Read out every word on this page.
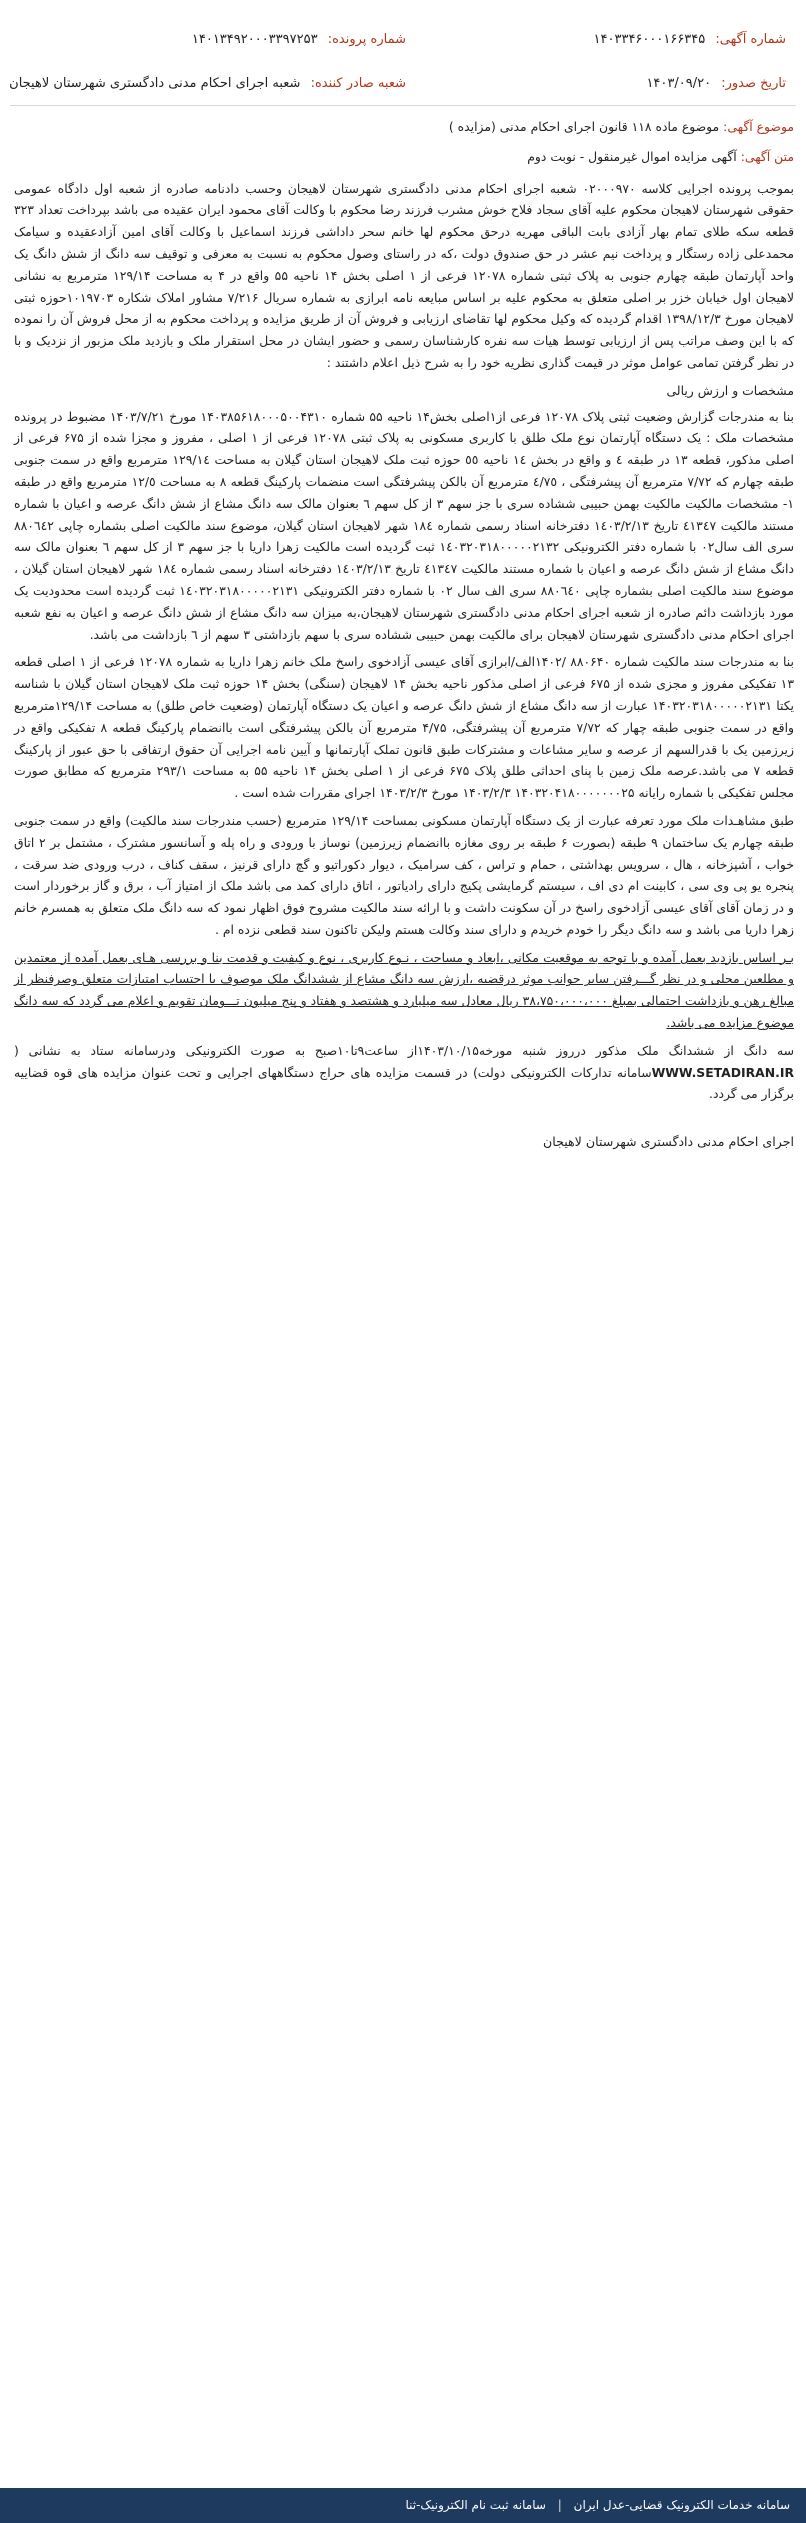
شماره آگهی: ۱۴۰۳۳۴۶۰۰۰۱۶۶۳۴۵
شماره پرونده: ۱۴۰۱۳۴۹۲۰۰۰۳۳۹۷۲۵۳
تاریخ صدور: ۱۴۰۳/۰۹/۲۰
شعبه صادر کننده: شعبه اجرای احکام مدنی دادگستری شهرستان لاهیجان
موضوع آگهی: موضوع ماده ۱۱۸ قانون اجرای احکام مدنی (مزایده )
متن آگهی: آگهی مزایده اموال غیرمنقول - نوبت دوم

بموجب پرونده اجرایی کلاسه ۰۲۰۰۰۹۷۰ شعبه اجرای احکام مدنی دادگستری شهرستان لاهیجان وحسب دادنامه صادره از شعبه اول دادگاه عمومی حقوقی شهرستان لاهیجان محکوم علیه آقای سجاد فلاح خوش مشرب فرزند رضا محکوم با وکالت آقای محمود ایران عقیده می باشد بپرداخت تعداد ۳۲۳ قطعه سکه طلای تمام بهار آزادی بابت الباقی مهریه درحق محکوم لها خانم سحر داداشی فرزند اسماعیل با وکالت آقای امین آزادعقیده و سیامک محمدعلی زاده رستگار و پرداخت نیم عشر در حق صندوق دولت ،که در راستای وصول محکوم به نسبت به معرفی و توقیف سه دانگ از شش دانگ یک واحد آپارتمان طبقه چهارم جنوبی به پلاک ثبتی شماره ۱۲۰۷۸ فرعی از ۱ اصلی بخش ۱۴ ناحیه ۵۵ واقع در ۴ به مساحت ۱۲۹/۱۴ مترمربع به نشانی لاهیجان اول خیابان خزر بر اصلی متعلق به محکوم علیه بر اساس مبایعه نامه ابرازی به شماره سریال ۷/۲۱۶ مشاور املاک شکاره ۱۰۱۹۷۰۳حوزه ثبتی لاهیجان مورخ ۱۳۹۸/۱۲/۳ اقدام گردیده که وکیل محکوم لها تقاضای ارزیابی و فروش آن از طریق مزایده و پرداخت محکوم به از محل فروش آن را نموده که با این وصف مراتب پس از ارزیابی توسط هیات سه نفره کارشناسان رسمی و حضور ایشان در محل استقرار ملک و بازدید ملک مزبور از نزدیک و با در نظر گرفتن تمامی عوامل موثر در قیمت گذاری نظریه خود را به شرح ذیل اعلام داشتند :

مشخصات و ارزش ریالی

بنا به مندرجات گزارش وضعیت ثبتی پلاک ۱۲۰۷۸ فرعی از۱اصلی بخش۱۴ ناحیه ۵۵ شماره ۱۴۰۳۸۵۶۱۸۰۰۰۵۰۰۴۳۱۰ مورخ ۱۴۰۳/۷/۲۱ مضبوط در پرونده مشخصات ملک : یک دستگاه آپارتمان نوع ملک طلق با کاربری مسکونی به پلاک ثبتی ۱۲۰۷۸ فرعی از ۱ اصلی ، مفروز و مجزا شده از ۶۷۵ فرعی از اصلی مذکور، قطعه ۱۳ در طبقه ٤ و واقع در بخش ١٤ ناحیه ٥٥ حوزه ثبت ملک لاهیجان استان گیلان به مساحت ١٢٩/١٤ مترمربع واقع در سمت جنوبی طبقه چهارم که ۷/۷۲ مترمربع آن پیشرفتگی ، ٤/٧٥ مترمربع آن بالکن پیشرفتگی است منضمات پارکینگ قطعه ٨ به مساحت ١٢/٥ مترمربع واقع در طبقه ١- مشخصات مالکیت مالکیت بهمن حبیبی ششاده سری با جز سهم ٣ از کل سهم ٦ بعنوان مالک سه دانگ مشاع از شش دانگ عرصه و اعیان با شماره مستند مالکیت ٤١٣٤٧ تاریخ ١٤٠٣/٢/١٣ دفترخانه اسناد رسمی شماره ١٨٤ شهر لاهیجان استان گیلان، موضوع سند مالکیت اصلی بشماره چاپی ٨٨٠٦٤٢ سری الف سال٠٢ با شماره دفتر الکترونیکی ١٤٠٣٢٠٣١٨٠٠٠٠٠٢١٣٢ ثبت گردیده است مالکیت زهرا داریا با جز سهم ٣ از کل سهم ٦ بعنوان مالک سه دانگ مشاع از شش دانگ عرصه و اعیان با شماره مستند مالکیت ٤١٣٤٧ تاریخ ١٤٠٣/٢/١٣ دفترخانه اسناد رسمی شماره ١٨٤ شهر لاهیجان استان گیلان ، موضوع سند مالکیت اصلی بشماره چاپی ٨٨٠٦٤٠ سری الف سال ٠٢ با شماره دفتر الکترونیکی ١٤٠٣٢٠٣١٨٠٠٠٠٠٢١٣١ ثبت گردیده است محدودیت یک مورد بازداشت دائم صادره از شعبه اجرای احکام مدنی دادگستری شهرستان لاهیجان،به میزان سه دانگ مشاع از شش دانگ عرصه و اعیان به نفع شعبه اجرای احکام مدنی دادگستری شهرستان لاهیجان برای مالکیت بهمن حبیبی ششاده سری با سهم بازداشتی ٣ سهم از ٦ بازداشت می باشد.

بنا به مندرجات سند مالکیت شماره ۸۸۰۶۴۰ /۱۴۰۲الف/ابرازی آقای عیسی آزادخوی راسخ ملک خانم زهرا داریا به شماره ۱۲۰۷۸ فرعی از ۱ اصلی قطعه ۱۳ تفکیکی مفروز و مجزی شده از ۶۷۵ فرعی از اصلی مذکور ناحیه بخش ۱۴ لاهیجان (سنگی) بخش ۱۴ حوزه ثبت ملک لاهیجان استان گیلان با شناسه یکتا ۱۴۰۳۲۰۳۱۸۰۰۰۰۰۲۱۳۱ عبارت از سه دانگ مشاع از شش دانگ عرصه و اعیان یک دستگاه آپارتمان (وضعیت خاص طلق) به مساحت ۱۲۹/۱۴مترمربع واقع در سمت جنوبی طبقه چهار که ۷/۷۲ مترمربع آن پیشرفتگی، ۴/۷۵ مترمربع آن بالکن پیشرفتگی است باانضمام پارکینگ قطعه ۸ تفکیکی واقع در زیرزمین یک با قدرالسهم از عرصه و سایر مشاعات و مشترکات طبق قانون تملک آپارتمانها و آیین نامه اجرایی آن حقوق ارتفاقی با حق عبور از پارکینگ قطعه ۷ می باشد.عرصه ملک زمین با پنای احداثی طلق پلاک ۶۷۵ فرعی از ۱ اصلی بخش ۱۴ ناحیه ۵۵ به مساحت ۲۹۳/۱ مترمربع که مطابق صورت مجلس تفکیکی با شماره رایانه ۱۴۰۳۲۰۴۱۸۰۰۰۰۰۰۰۲۵ ۱۴۰۳/۲/۳ مورخ ۱۴۰۳/۲/۳ اجرای مقررات شده است .

طبق مشاهـدات ملک مورد تعرفه عبارت از یک دستگاه آپارتمان مسکونی بمساحت ۱۲۹/۱۴ مترمربع (حسب مندرجات سند مالکیت) واقع در سمت جنوبی طبقه چهارم یک ساختمان ۹ طبقه (بصورت ۶ طبقه بر روی مغازه باانضمام زیرزمین) نوساز با ورودی و راه پله و آسانسور مشترک ، مشتمل بر ۲ اتاق خواب ، آشپزخانه ، هال ، سرویس بهداشتی ، حمام و تراس ، کف سرامیک ، دیوار دکوراتیو و گچ دارای قرنیز ، سقف کناف ، درب ورودی ضد سرقت ، پنجره یو پی وی سی ، کابینت ام دی اف ، سیستم گرمایشی پکیج دارای رادیاتور ، اتاق دارای کمد می باشد ملک از امتیاز آب ، برق و گاز برخوردار است و در زمان آقای آقای عیسی آزادخوی راسخ در آن سکونت داشت و با ارائه سند مالکیت مشروح فوق اظهار نمود که سه دانگ ملک متعلق به همسرم خانم زهرا داریا می باشد و سه دانگ دیگر را خودم خریدم و دارای سند وکالت هستم ولیکن تاکنون سند قطعی نزده ام .

بـر اساس بازدید بعمل آمده و با توجه به موقعیت مکانی ،ابعاد و مساحت ، نـوع کاربری ، نوع و کیفیت و قدمت بنا و بررسی هـای بعمل آمده از معتمدین و مطلعین محلی و در نظر گـــرفتن سایر جوانب موثر درقضیه ،ارزش سه دانگ مشاع از ششدانگ ملک موصوف با احتساب امتیازات متعلق وصرفنظر از مبالغ رهن و بازداشت احتمالی بمبلغ ۳۸،۷۵۰،۰۰۰،۰۰۰ ریال معادل سه میلیارد و هشتصد و هفتاد و پنج میلیون تـــومان تقویم و اعلام می گردد که سه دانگ موضوع مزایده می باشد.

سه دانگ از ششدانگ ملک مذکور درروز شنبه مورخه۱۴۰۳/۱۰/۱۵از ساعت۹تا۱۰صبح به صورت الکترونیکی ودرسامانه ستاد به نشانی ( WWW.SETADIRAN.IRسامانه تدارکات الکترونیکی دولت) در قسمت مزایده های حراج دستگاههای اجرایی و تحت عنوان مزایده های قوه قضاییه برگزار می گردد.

اجرای احکام مدنی دادگستری شهرستان لاهیجان

سامانه خدمات الکترونیک قضایی-عدل ایران | سامانه ثبت نام الکترونیک-ثنا
